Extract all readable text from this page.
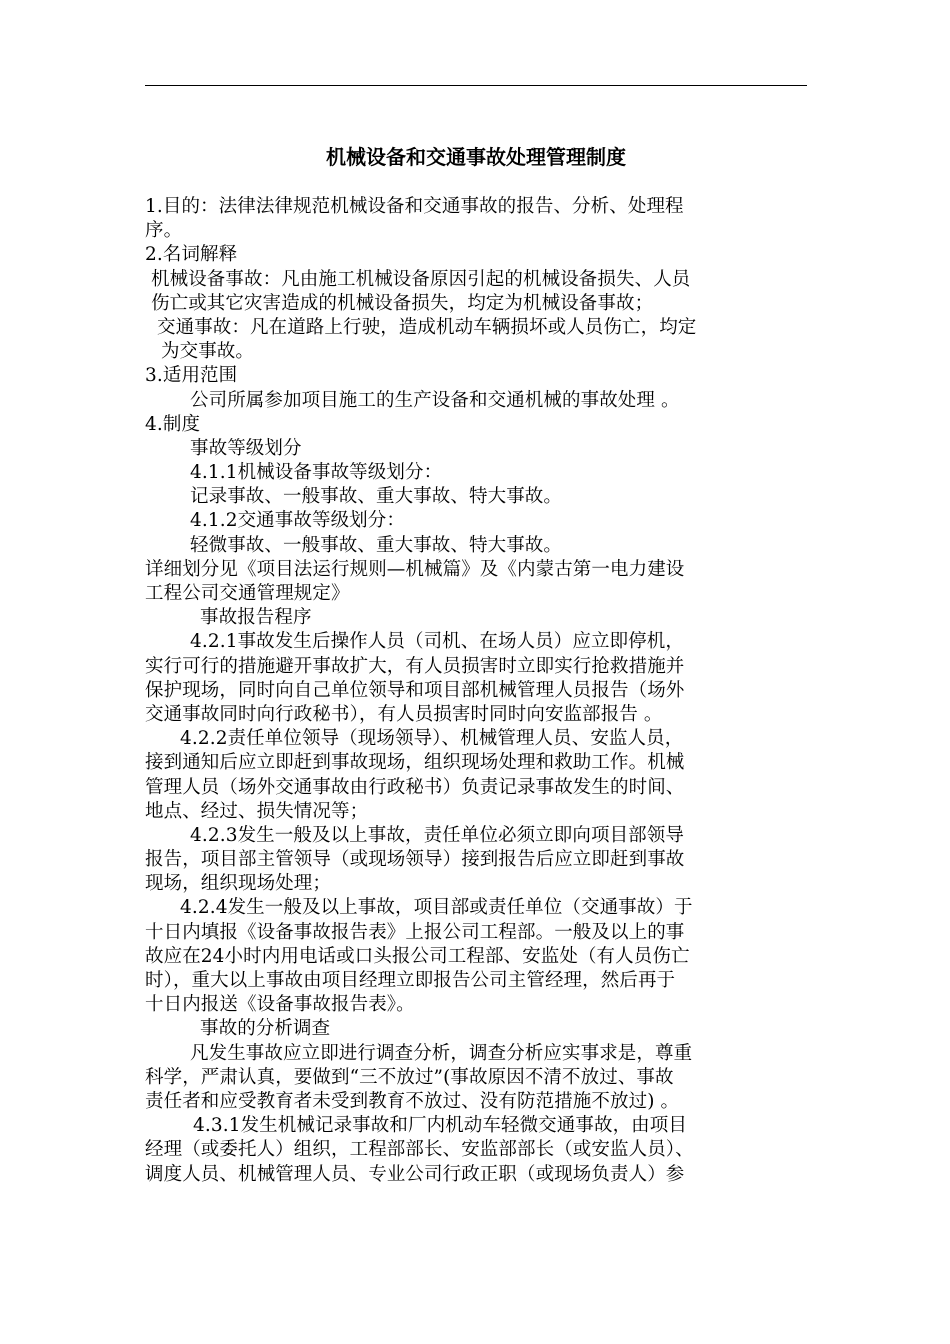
机械设备和交通事故处理管理制度
1.目的：法律法律规范机械设备和交通事故的报告、分析、处理程
序。
2.名词解释
机械设备事故：凡由施工机械设备原因引起的机械设备损失、人员
伤亡或其它灾害造成的机械设备损失，均定为机械设备事故；
交通事故：凡在道路上行驶，造成机动车辆损坏或人员伤亡，均定
为交事故。
3.适用范围
公司所属参加项目施工的生产设备和交通机械的事故处理 。
4.制度
事故等级划分
4.1.1机械设备事故等级划分：
记录事故、一般事故、重大事故、特大事故。
4.1.2交通事故等级划分：
轻微事故、一般事故、重大事故、特大事故。
详细划分见《项目法运行规则—机械篇》及《内蒙古第一电力建设
工程公司交通管理规定》
事故报告程序
4.2.1事故发生后操作人员（司机、在场人员）应立即停机，
实行可行的措施避开事故扩大，有人员损害时立即实行抢救措施并
保护现场，同时向自己单位领导和项目部机械管理人员报告（场外
交通事故同时向行政秘书），有人员损害时同时向安监部报告 。
4.2.2责任单位领导（现场领导）、机械管理人员、安监人员，
接到通知后应立即赶到事故现场，组织现场处理和救助工作。机械
管理人员（场外交通事故由行政秘书）负责记录事故发生的时间、
地点、经过、损失情况等；
4.2.3发生一般及以上事故，责任单位必须立即向项目部领导
报告，项目部主管领导（或现场领导）接到报告后应立即赶到事故
现场，组织现场处理；
4.2.4发生一般及以上事故，项目部或责任单位（交通事故）于
十日内填报《设备事故报告表》上报公司工程部。一般及以上的事
故应在24小时内用电话或口头报公司工程部、安监处（有人员伤亡
时），重大以上事故由项目经理立即报告公司主管经理，然后再于
十日内报送《设备事故报告表》。
事故的分析调查
凡发生事故应立即进行调查分析，调查分析应实事求是，尊重
科学，严肃认真，要做到“三不放过”(事故原因不清不放过、事故
责任者和应受教育者未受到教育不放过、没有防范措施不放过) 。
4.3.1发生机械记录事故和厂内机动车轻微交通事故，由项目
经理（或委托人）组织，工程部部长、安监部部长（或安监人员）、
调度人员、机械管理人员、专业公司行政正职（或现场负责人）参
